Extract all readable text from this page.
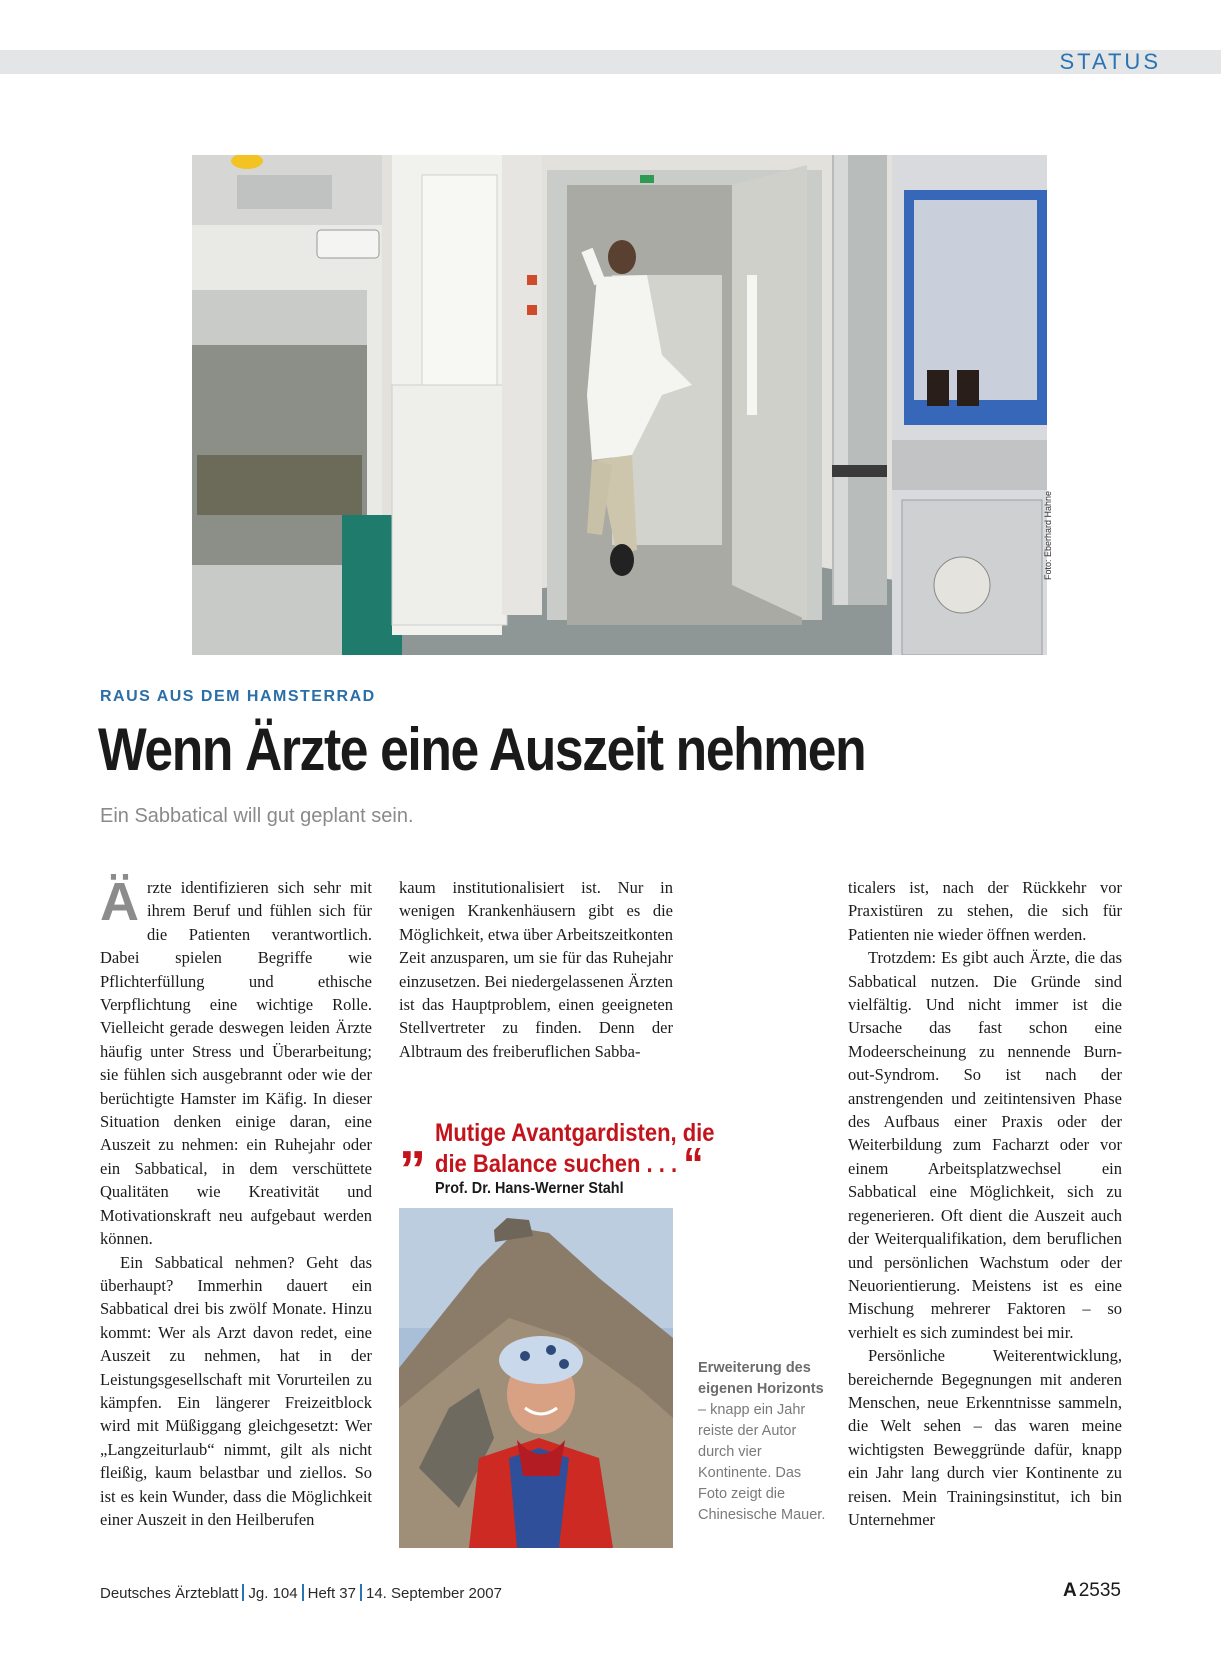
STATUS
Foto: Eberhard Hahne
RAUS AUS DEM HAMSTERRAD
Wenn Ärzte eine Auszeit nehmen
Ein Sabbatical will gut geplant sein.
Ä rzte identifizieren sich sehr mit ihrem Beruf und fühlen sich für die Patienten verantwortlich. Dabei spielen Begriffe wie Pflichterfüllung und ethische Verpflichtung eine wichtige Rolle. Vielleicht gerade deswegen leiden Ärzte häufig unter Stress und Überarbeitung; sie fühlen sich ausgebrannt oder wie der berüchtigte Hamster im Käfig. In dieser Situation denken einige daran, eine Auszeit zu nehmen: ein Ruhejahr oder ein Sabbatical, in dem verschüttete Qualitäten wie Kreativität und Motivationskraft neu aufgebaut werden können.

Ein Sabbatical nehmen? Geht das überhaupt? Immerhin dauert ein Sabbatical drei bis zwölf Monate. Hinzu kommt: Wer als Arzt davon redet, eine Auszeit zu nehmen, hat in der Leistungsgesellschaft mit Vorurteilen zu kämpfen. Ein längerer Freizeitblock wird mit Müßiggang gleichgesetzt: Wer „Langzeiturlaub“ nimmt, gilt als nicht fleißig, kaum belastbar und ziellos. So ist es kein Wunder, dass die Möglichkeit einer Auszeit in den Heilberufen

kaum institutionalisiert ist. Nur in wenigen Krankenhäusern gibt es die Möglichkeit, etwa über Arbeitszeitkonten Zeit anzusparen, um sie für das Ruhejahr einzusetzen. Bei niedergelassenen Ärzten ist das Hauptproblem, einen geeigneten Stellvertreter zu finden. Denn der Albtraum des freiberuflichen Sabba-

„ Mutige Avantgardisten, die
die Balance suchen . . . “
Prof. Dr. Hans-Werner Stahl
Erweiterung des eigenen Horizonts – knapp ein Jahr reiste der Autor durch vier Kontinente. Das Foto zeigt die Chinesische Mauer.

ticalers ist, nach der Rückkehr vor Praxistüren zu stehen, die sich für Patienten nie wieder öffnen werden.

Trotzdem: Es gibt auch Ärzte, die das Sabbatical nutzen. Die Gründe sind vielfältig. Und nicht immer ist die Ursache das fast schon eine Modeerscheinung zu nennende Burn-out-Syndrom. So ist nach der anstrengenden und zeitintensiven Phase des Aufbaus einer Praxis oder der Weiterbildung zum Facharzt oder vor einem Arbeitsplatzwechsel ein Sabbatical eine Möglichkeit, sich zu regenerieren. Oft dient die Auszeit auch der Weiterqualifikation, dem beruflichen und persönlichen Wachstum oder der Neuorientierung. Meistens ist es eine Mischung mehrerer Faktoren – so verhielt es sich zumindest bei mir.

Persönliche Weiterentwicklung, bereichernde Begegnungen mit anderen Menschen, neue Erkenntnisse sammeln, die Welt sehen – das waren meine wichtigsten Beweggründe dafür, knapp ein Jahr lang durch vier Kontinente zu reisen. Mein Trainingsinstitut, ich bin Unternehmer

Deutsches Ärzteblatt Jg. 104 Heft 37 14. September 2007	A 2535
